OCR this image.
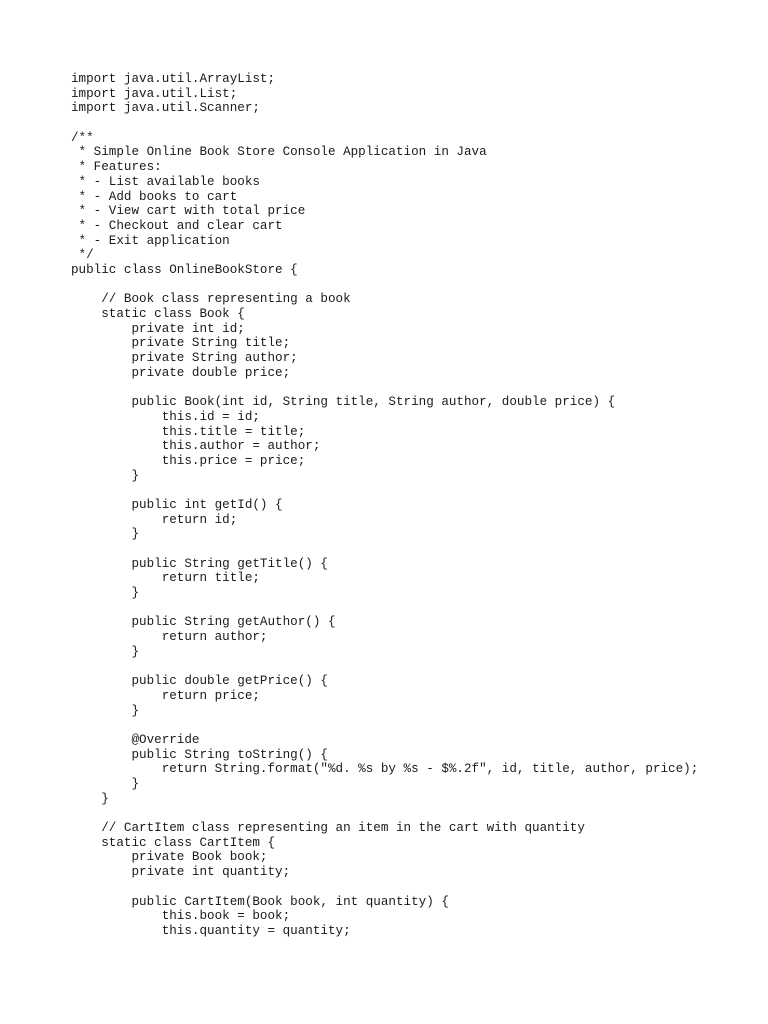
import java.util.ArrayList;
import java.util.List;
import java.util.Scanner;
/**
* Simple Online Book Store Console Application in Java
* Features:
* - List available books
* - Add books to cart
* - View cart with total price
* - Checkout and clear cart
* - Exit application
*/
public class OnlineBookStore {
// Book class representing a book
static class Book {
private int id;
private String title;
private String author;
private double price;
public Book(int id, String title, String author, double price) {
this.id = id;
this.title = title;
this.author = author;
this.price = price;
}
public int getId() {
return id;
}
public String getTitle() {
return title;
}
public String getAuthor() {
return author;
}
public double getPrice() {
return price;
}
@Override
public String toString() {
return String.format("%d. %s by %s - $%.2f", id, title, author, price);
}
}
// CartItem class representing an item in the cart with quantity
static class CartItem {
private Book book;
private int quantity;
public CartItem(Book book, int quantity) {
this.book = book;
this.quantity = quantity;
